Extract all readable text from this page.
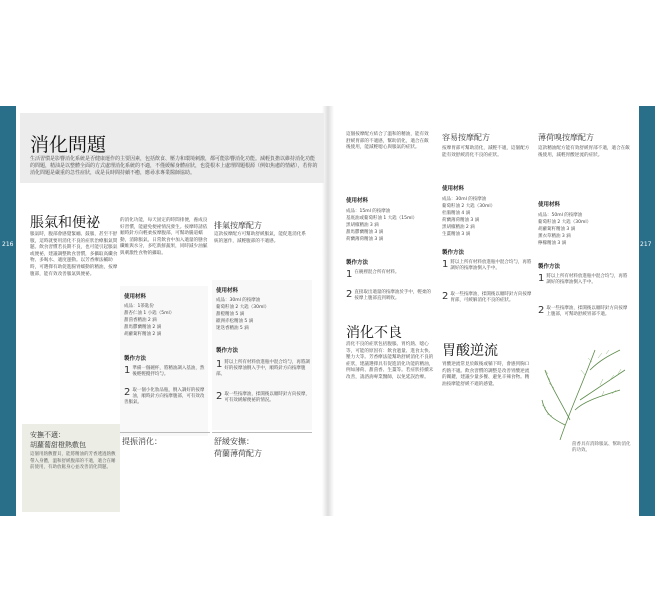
216	217
消化問題
生活習慣是影響消化系統是否健康運作的主要因素，包括飲食、壓力和環境刺激，都可能影響消化功能。減輕負擔以維持消化功能的問題，精油是以整體全面的方式處理消化系統的不適，不僅緩解身體症狀，也從根本上處理問題根源（例如焦慮的情緒），若你的消化問題是嚴重的急性症狀，或是長時間持續不癒，應尋求專業醫師協助。
脹氣和便祕
脹氣時，腹部會感覺緊繃、鼓脹，甚至不舒服，這時就要用消化不良的症狀治療脹氣問題。飲食習慣若長期不良，也可能引起脹氣或便祕，建議調整飲食習慣，多攝取高纖食物、多喝水、適度運動。以芳香療法輔助時，可選擇有助促進腸胃蠕動的精油，按摩腹部，能有效改善脹氣與便祕。
的消化功能，每天固定的時間排便，養成良好習慣，能避免便祕情況發生。按摩時請依順時針方向輕柔按摩腹部，可幫助腸道蠕動，消除脹氣。日常飲食中加入適量的膳食纖維與水分，多吃新鮮蔬果，同時減少油膩與刺激性食物的攝取。
排氣按摩配方
這款按摩配方可幫助舒緩脹氣，能促進消化系統的運作，減輕腹部的不適感。
使用材料
成品：1茶匙份
甜杏仁油 1 小匙（5ml）
甜茴香精油 2 滴
甜馬鬱蘭精油 2 滴
胡蘿蔔籽精油 2 滴
製作方法
1 準備一個碗杯，將精油調入基油，然後輕輕攪拌均勻。
2 取一個小化妝品瓶，倒入調好的按摩油，順時針方向按摩腹部，可有效改善脹氣。
使用材料
成品：30ml 的按摩油
葡萄籽油 2 大匙（30ml）
甜橙精油 5 滴
歐洲赤松精油 5 滴
迷迭香精油 5 滴
製作方法
1 將以上所有材料放進瓶中混合均勻，再將調好的按摩油倒入手中，順時針方向按摩腹部。
2 取一些按摩油，揉開後以順時針方向按摩，可有效緩解便祕的情況。
安撫不適：
胡蘿蔔甜橙熱敷包
這個用熱敷寶貝，能將精油的芳香透過熱敷帶入身體，溫和舒緩腹部的不適，適合在睡前使用，有助放鬆身心並改善消化問題。
提振消化：	舒緩安撫：
荷蘭薄荷配方
這個按摩配方結合了溫和的精油，能有效舒緩胃部的不適感，幫助消化，適合在飯後使用，能減輕噁心與脹氣的症狀。
使用材料
成品：15ml 的按摩油
基底油或葡萄籽油 1 大匙（15ml）
黑胡椒精油 3 滴
甜馬鬱蘭精油 3 滴
荷蘭薄荷精油 3 滴
製作方法
1 在碗裡混合所有材料。
2 直接取出適量的按摩油於手中，輕柔的按摩上腹部直到吸收。
消化不良
消化不良的症狀包括腹脹、胃灼熱、噁心等，可能的原因有：飲食過量、進食太快、壓力大等。芳香療法能幫助舒緩消化不良的症狀，建議選擇具有促進消化功能的精油，例如薄荷、甜茴香、生薑等。若症狀持續未改善，請諮詢專業醫師，以免延誤治療。
容易按摩配方
按摩胃部可幫助消化，減輕不適，這個配方能有效舒緩消化不良的症狀。
使用材料
成品：30ml 的按摩油
葡萄籽油 2 大匙（30ml）
杜鵑精油 4 滴
荷蘭薄荷精油 3 滴
黑胡椒精油 2 滴
生薑精油 3 滴
製作方法
1 將以上所有材料放進瓶中混合均勻，再將調好的按摩油倒入手中。
2 取一些按摩油，揉開後以順時針方向按摩胃部，可緩解消化不良的症狀。
胃酸逆流
胃酸逆流常見於飯後或躺下時，會感到胸口灼熱不適。飲食習慣的調整是改善胃酸逆流的關鍵，建議少量多餐、避免辛辣食物。精油按摩能舒緩不適的感覺。
薄荷嗅按摩配方
這款精油配方能有效舒緩胃部不適，適合在飯後使用，減輕胃酸逆流的症狀。
使用材料
成品：50ml 的按摩油
葡萄籽油 2 大匙（30ml）
胡蘿蔔籽精油 3 滴
薰衣草精油 3 滴
檸檬精油 3 滴
製作方法
1 將以上所有材料放進瓶中混合均勻，再將調好的按摩油倒入手中。
2 取一些按摩油，揉開後以順時針方向按摩上腹部，可幫助舒緩胃部不適。
茴香具有消除脹氣、幫助消化的功效。
